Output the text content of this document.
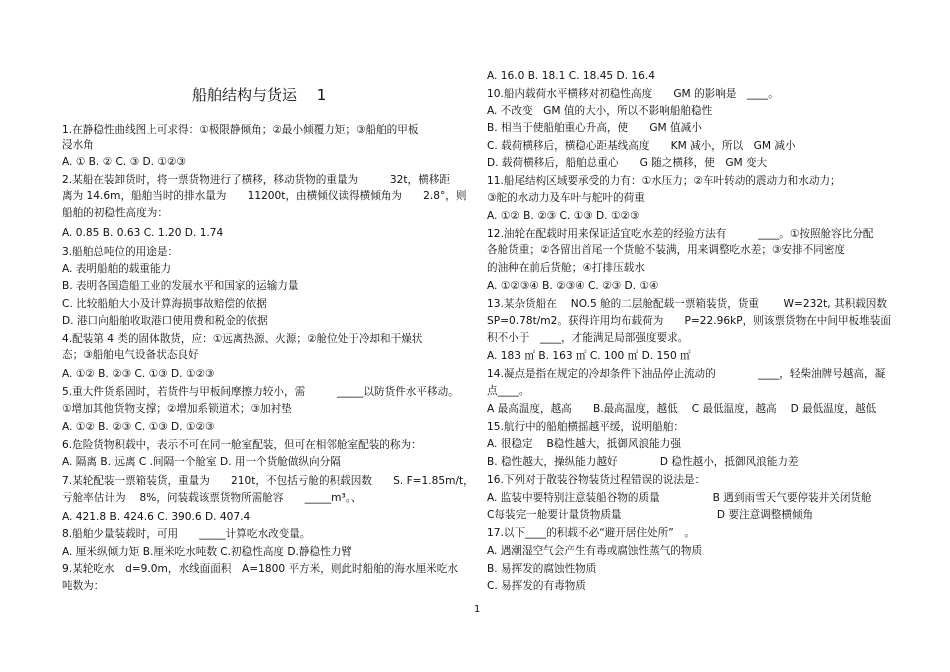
船舶结构与货运　 1

1.在静稳性曲线图上可求得：①极限静倾角；②最小倾覆力矩；③船舶的甲板

浸水角

A. ① B. ② C. ③ D. ①②③

2.某船在装卸货时，将一票货物进行了横移，移动货物的重量为　　　32t，横移距

离为 14.6m，船舶当时的排水量为　　11200t，由横倾仪读得横倾角为　　2.8°，则

船舶的初稳性高度为：

A. 0.85 B. 0.63 C. 1.20 D. 1.74

3.船舶总吨位的用途是：

A. 表明船舶的载重能力

B. 表明各国造船工业的发展水平和国家的运输力量

C. 比较船舶大小及计算海损事故赔偿的依据

D. 港口向船舶收取港口使用费和税金的依据

4.配装第 4 类的固体散货，应：①远离热源、火源；②舱位处于冷却和干燥状

态；③船舶电气设备状态良好

A. ①② B. ②③ C. ①③ D. ①②③

5.重大件货系固时，若货件与甲板间摩擦力较小，需　　　_____以防货件水平移动。

①增加其他货物支撑；②增加系锁道术；③加衬垫

A. ①② B. ②③ C. ①③ D. ①②③

6.危险货物积载中，表示不可在同一舱室配装，但可在相邻舱室配装的称为：

A. 隔离 B. 远离 C .间隔一个舱室 D. 用一个货舱做纵向分隔

7.某轮配装一票箱装货，重量为　　210t，不包括亏舱的积载因数　　S. F=1.85m/t，

亏舱率估计为　 8%，问装载该票货物所需舱容　　_____m³。、

A. 421.8 B. 424.6 C. 390.6 D. 407.4

8.船舶少量装载时，可用　　_____计算吃水改变量。

A. 厘米纵倾力矩 B.厘米吃水吨数 C.初稳性高度 D.静稳性力臂

9.某轮吃水　d=9.0m，水线面面积　A=1800 平方米，则此时船舶的海水厘米吃水

吨数为：

A. 16.0 B. 18.1 C. 18.45 D. 16.4

10.船内载荷水平横移对初稳性高度　　GM 的影响是　____。

A. 不改变　GM 值的大小，所以不影响船舶稳性

B. 相当于使船舶重心升高，使　　GM 值减小

C. 载荷横移后，横稳心距基线高度　　KM 减小，所以　GM 减小

D. 载荷横移后，船舶总重心　　G 随之横移，使　GM 变大

11.船尾结构区域要承受的力有：①水压力；②车叶转动的震动力和水动力；

③舵的水动力及车叶与舵叶的荷重

A. ①② B. ②③ C. ①③ D. ①②③

12.油轮在配载时用来保证适宜吃水差的经验方法有　　　____。①按照舱容比分配

各舱货重；②各留出首尾一个货舱不装满，用来调整吃水差；③安排不同密度

的油种在前后货舱；④打排压载水

A. ①②③④ B. ②③④ C. ②③ D. ①④

13.某杂货船在　 NO.5 舱的二层舱配载一票箱装货，货重　　 W=232t, 其积载因数

SP=0.78t/m2。获得许用均布载荷为　　P=22.96kP，则该票货物在中间甲板堆装面

积不小于　____，才能满足局部强度要求。

A. 183 ㎡ B. 163 ㎡ C. 100 ㎡ D. 150 ㎡

14.凝点是指在规定的冷却条件下油品停止流动的　　　　____，轻柴油牌号越高，凝

点____。

A 最高温度，越高　　B.最高温度，越低　 C 最低温度，越高　 D 最低温度，越低

15.航行中的船舶横摇越平缓，说明船舶：

A. 很稳定　 B稳性越大，抵御风浪能力强

B. 稳性越大，操纵能力越好　　　　D 稳性越小，抵御风浪能力差

16.下列对于散装谷物装货过程错误的说法是：

A. 监装中要特别注意装船谷物的质量　　　　　B 遇到雨雪天气要停装并关闭货舱

C每装完一舱要计量货物质量　　　　　　　　　D 要注意调整横倾角

17.以下____的积载不必“避开居住处所”　。

A. 遇潮湿空气会产生有毒或腐蚀性蒸气的物质

B. 易挥发的腐蚀性物质

C. 易挥发的有毒物质

1
